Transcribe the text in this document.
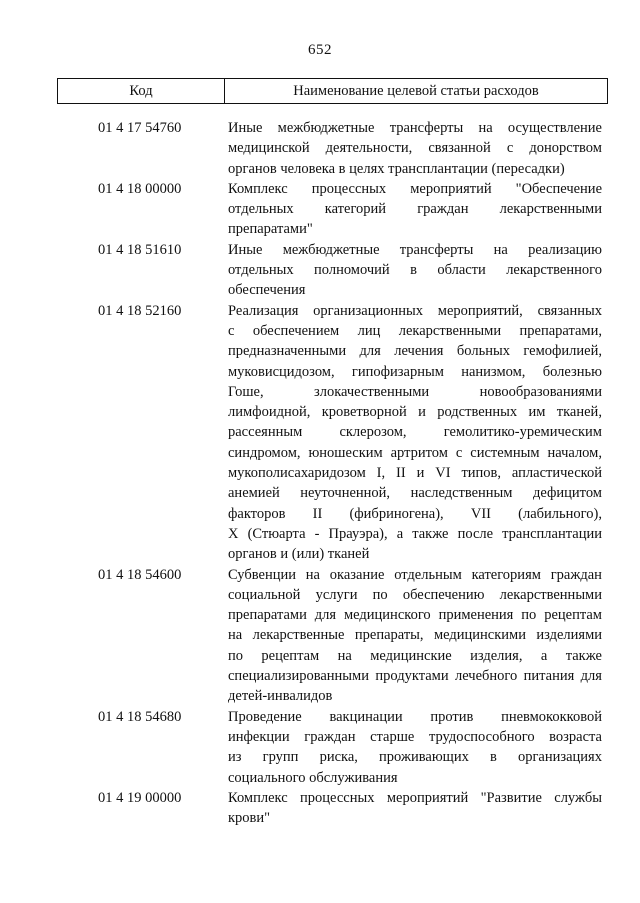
652
Код	Наименование целевой статьи расходов
01 4 17 54760	Иные межбюджетные трансферты на осуществление
медицинской деятельности, связанной с донорством
органов человека в целях трансплантации (пересадки)
01 4 18 00000	Комплекс процессных мероприятий "Обеспечение
отдельных категорий граждан лекарственными
препаратами"
01 4 18 51610	Иные межбюджетные трансферты на реализацию
отдельных полномочий в области лекарственного
обеспечения
01 4 18 52160	Реализация организационных мероприятий, связанных
с обеспечением лиц лекарственными препаратами,
предназначенными для лечения больных гемофилией,
муковисцидозом, гипофизарным нанизмом, болезнью
Гоше,	злокачественными	новообразованиями
лимфоидной, кроветворной и родственных им тканей,
рассеянным	склерозом,	гемолитико-уремическим
синдромом, юношеским артритом с системным началом,
мукополисахаридозом I, II и VI типов, апластической
анемией неуточненной, наследственным дефицитом
факторов II (фибриногена), VII (лабильного),
X (Стюарта - Прауэра), а также после трансплантации
органов и (или) тканей
01 4 18 54600	Субвенции на оказание отдельным категориям граждан
социальной услуги по обеспечению лекарственными
препаратами для медицинского применения по рецептам
на лекарственные препараты, медицинскими изделиями
по рецептам на медицинские изделия, а также
специализированными продуктами лечебного питания для
детей-инвалидов
01 4 18 54680	Проведение вакцинации против пневмококковой
инфекции граждан старше трудоспособного возраста
из групп риска, проживающих в организациях
социального обслуживания
01 4 19 00000	Комплекс процессных мероприятий "Развитие службы
крови"
